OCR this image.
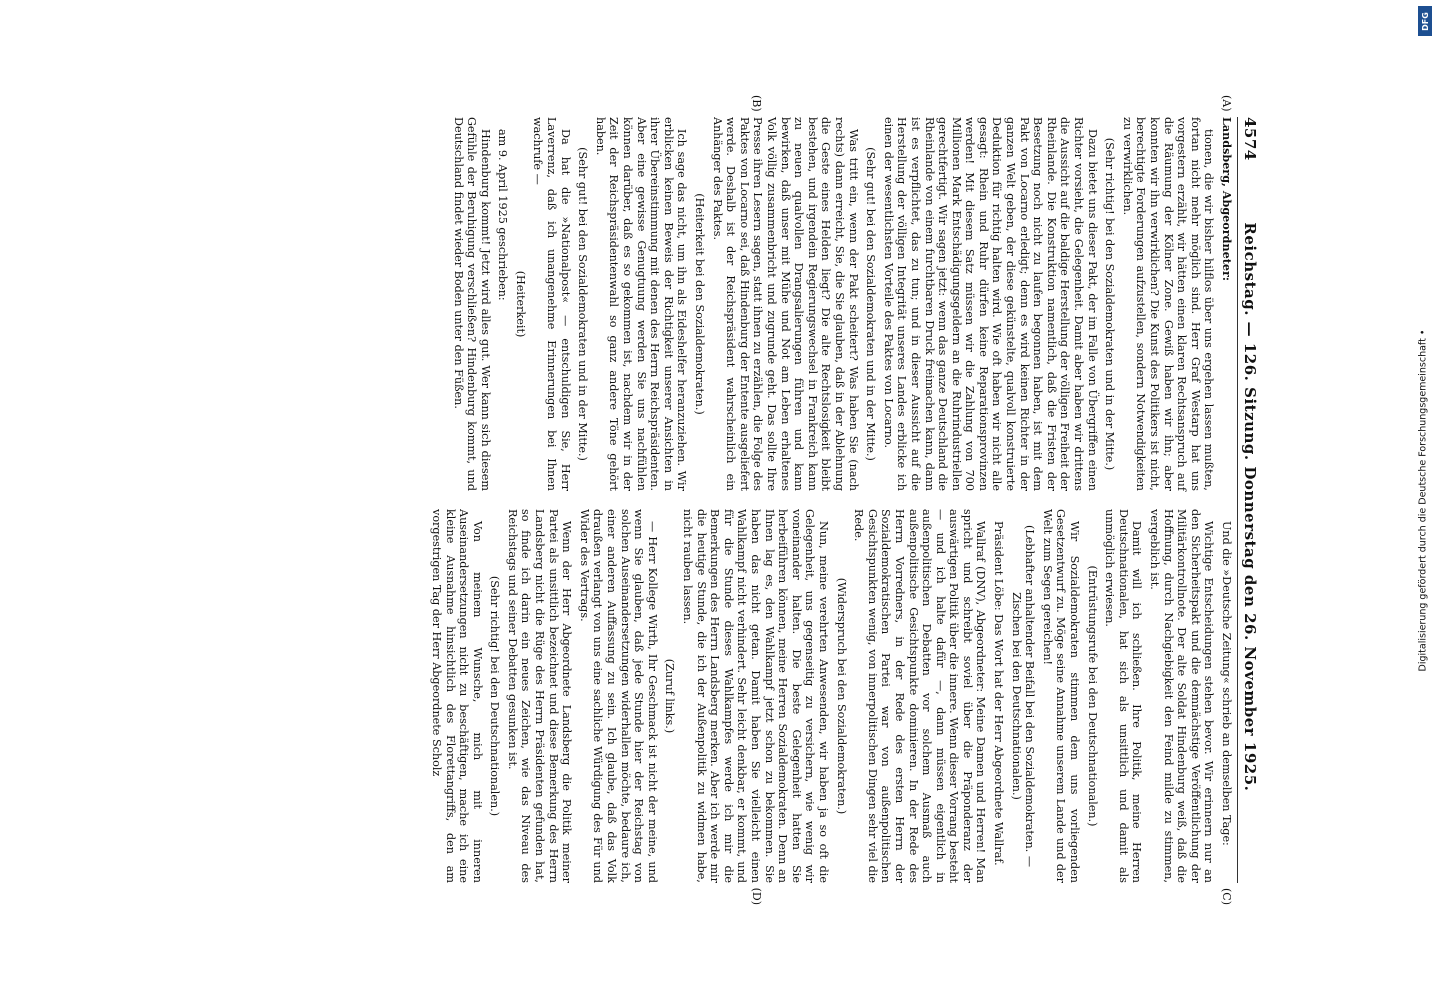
4574
Reichstag. — 126. Sitzung. Donnerstag den 26. November 1925.
(A)
(B)

Landsberg, Abgeordneter:

tionen, die wir bisher hilflos über uns ergehen lassen mußten, fortan nicht mehr möglich sind. Herr Graf Westarp hat uns vorgestern erzählt, wir hätten einen klaren Rechtsanspruch auf die Räumung der Kölner Zone. Gewiß haben wir ihn; aber konnten wir ihn verwirklichen? Die Kunst des Politikers ist nicht, berechtigte Forderungen aufzustellen, sondern Notwendigkeiten zu verwirklichen.

(Sehr richtig! bei den Sozialdemokraten und in der Mitte.)

Dazu bietet uns dieser Pakt, der im Falle von Übergriffen einen Richter vorsieht, die Gelegenheit. Damit aber haben wir drittens die Aussicht auf die baldige Herstellung der völligen Freiheit der Rheinlande. Die Konstruktion namentlich, daß die Fristen der Besetzung noch nicht zu laufen begonnen haben, ist mit dem Pakt von Locarno erledigt; denn es wird keinen Richter in der ganzen Welt geben, der diese gekünstelte, qualvoll konstruierte Deduktion für richtig halten wird. Wie oft haben wir nicht alle gesagt: Rhein und Ruhr dürfen keine Reparationsprovinzen werden! Mit diesem Satz müssen wir die Zahlung von 700 Millionen Mark Entschädigungsgeldern an die Ruhrindustriellen gerechtfertigt. Wir sagen jetzt: wenn das ganze Deutschland die Rheinlande von einem furchtbaren Druck freimachen kann, dann ist es verpflichtet, das zu tun; und in dieser Aussicht auf die Herstellung der völligen Integrität unseres Landes erblicke ich einen der wesentlichsten Vorteile des Paktes von Locarno.

(Sehr gut! bei den Sozialdemokraten und in der Mitte.)

Was tritt ein, wenn der Pakt scheitert? Was haben Sie (nach rechts) dann erreicht, Sie, die Sie glauben, daß in der Ablehnung die Geste eines Helden liegt? Die alte Rechtslosigkeit bleibt bestehen, und irgendein Regierungswechsel in Frankreich kann zu neuen qualvollen Drangsalierungen führen und kann bewirken, daß unser mit Mühe und Not am Leben erhaltenes Volk völlig zusammenbricht und zugrunde geht. Das sollte Ihre Presse ihren Lesern sagen, statt ihnen zu erzählen, die Folge des Paktes von Locarno sei, daß Hindenburg der Entente ausgeliefert werde. Deshalb ist der Reichspräsident wahrscheinlich ein Anhänger des Paktes.

(Heiterkeit bei den Sozialdemokraten.)

Ich sage das nicht, um ihn als Eideshelfer heranzuziehen. Wir erblicken keinen Beweis der Richtigkeit unserer Ansichten in ihrer Übereinstimmung mit denen des Herrn Reichspräsidenten. Aber eine gewisse Genugtuung werden Sie uns nachfühlen können darüber, daß es so gekommen ist, nachdem wir in der Zeit der Reichspräsidentenwahl so ganz andere Töne gehört haben.

(Sehr gut! bei den Sozialdemokraten und in der Mitte.)

Da hat die »Nationalpost« — entschuldigen Sie, Herr Laverrenz, daß ich unangenehme Erinnerungen bei Ihnen wachrufe —

(Heiterkeit)

am 9. April 1925 geschrieben:

Hindenburg kommt! Jetzt wird alles gut. Wer kann sich diesem Gefühle der Beruhigung verschließen? Hindenburg kommt, und Deutschland findet wieder Boden unter den Füßen.

(C)
(D)

Und die »Deutsche Zeitung« schrieb an demselben Tage:

Wichtige Entscheidungen stehen bevor. Wir erinnern nur an den Sicherheitspakt und die demnächstige Veröffentlichung der Militärkontrollnote. Der alte Soldat Hindenburg weiß, daß die Hoffnung, durch Nachgiebigkeit den Feind milde zu stimmen, vergeblich ist.

Damit will ich schließen. Ihre Politik, meine Herren Deutschnationalen, hat sich als unsittlich und damit als unmöglich erwiesen.

(Entrüstungsrufe bei den Deutschnationalen.)

Wir Sozialdemokraten stimmen dem uns vorliegenden Gesetzentwurf zu. Möge seine Annahme unserem Lande und der Welt zum Segen gereichen!

(Lebhafter anhaltender Beifall bei den Sozialdemokraten. — Zischen bei den Deutschnationalen.)

Präsident Löbe: Das Wort hat der Herr Abgeordnete Wallraf.

Wallraf (DNV), Abgeordneter: Meine Damen und Herren! Man spricht und schreibt soviel über die Präponderanz der auswärtigen Politik über die innere. Wenn dieser Vorrang besteht — und ich halte dafür —, dann müssen eigentlich in außenpolitischen Debatten vor solchem Ausmaß auch außenpolitische Gesichtspunkte dominieren. In der Rede des Herrn Vorredners, in der Rede des ersten Herrn der Sozialdemokratischen Partei war von außenpolitischen Gesichtspunkten wenig, von innerpolitischen Dingen sehr viel die Rede.

(Widerspruch bei den Sozialdemokraten.)

Nun, meine verehrten Anwesenden, wir haben ja so oft die Gelegenheit, uns gegenseitig zu versichern, wie wenig wir voneinander halten. Die beste Gelegenheit hatten Sie herbeiführen können, meine Herren Sozialdemokraten. Denn an Ihnen lag es, den Wahlkampf jetzt schon zu bekommen. Sie haben das nicht getan. Damit haben Sie vielleicht einen Wahlkampf nicht verhindert. Sehr leicht denkbar, er kommt, und für die Stunde dieses Wahlkampfes werde ich mir die Bemerkungen des Herrn Landsberg merken. Aber ich werde mir die heutige Stunde, die ich der Außenpolitik zu widmen habe, nicht rauben lassen.

(Zuruf links.)

— Herr Kollege Wirth, Ihr Geschmack ist nicht der meine, und wenn Sie glauben, daß jede Stunde hier der Reichstag von solchen Auseinandersetzungen widerhallen möchte, bedaure ich, einer anderen Auffassung zu sein. Ich glaube, daß das Volk draußen verlangt von uns eine sachliche Würdigung des Für und Wider des Vertrags.

Wenn der Herr Abgeordnete Landsberg die Politik meiner Partei als unsittlich bezeichnet und diese Bemerkung des Herrn Landsberg nicht die Rüge des Herrn Präsidenten gefunden hat, so finde ich darin ein neues Zeichen, wie das Niveau des Reichstags und seiner Debatten gesunken ist.

(Sehr richtig! bei den Deutschnationalen.)

Von meinem Wunsche, mich mit inneren Auseinandersetzungen nicht zu beschäftigen, mache ich eine kleine Ausnahme hinsichtlich des Florettangriffs, den am vorgestrigen Tag der Herr Abgeordnete Scholz	Digitalisierung gefördert durch die Deutsche Forschungsgemeinschaft •
DFG
